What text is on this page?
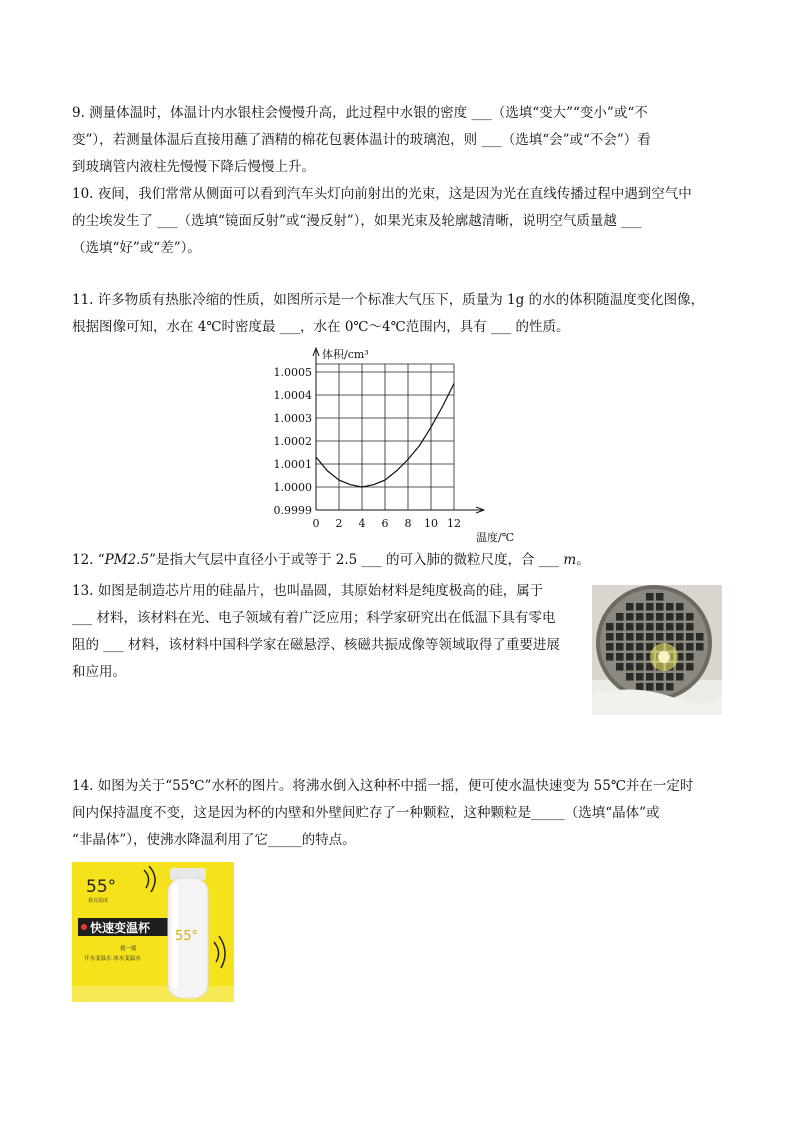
9. 测量体温时，体温计内水银柱会慢慢升高，此过程中水银的密度 ___（选填“变大”“变小”或“不
变”），若测量体温后直接用蘸了酒精的棉花包裹体温计的玻璃泡，则 ___（选填“会”或“不会”）看
到玻璃管内液柱先慢慢下降后慢慢上升。
10. 夜间，我们常常从侧面可以看到汽车头灯向前射出的光束，这是因为光在直线传播过程中遇到空气中
的尘埃发生了 ___（选填“镜面反射”或“漫反射”），如果光束及轮廓越清晰，说明空气质量越 ___
（选填“好”或“差”）。
11. 许多物质有热胀冷缩的性质，如图所示是一个标准大气压下，质量为 1g 的水的体积随温度变化图像，
根据图像可知，水在 4℃时密度最 ___，水在 0℃～4℃范围内，具有 ___ 的性质。
0 2 4 6 8 10 12
0.9999
1.0000
1.0001
1.0002
1.0003
1.0004
1.0005
体积/cm³
温度/℃
12. “PM2.5”是指大气层中直径小于或等于 2.5 ___ 的可入肺的微粒尺度，合 ___ m。
13. 如图是制造芯片用的硅晶片，也叫晶圆，其原始材料是纯度极高的硅，属于
___ 材料，该材料在光、电子领域有着广泛应用；科学家研究出在低温下具有零电
阻的 ___ 材料，该材料中国科学家在磁悬浮、核磁共振成像等领域取得了重要进展
和应用。
14. 如图为关于“55℃”水杯的图片。将沸水倒入这种杯中摇一摇，便可使水温快速变为 55℃并在一定时
间内保持温度不变，这是因为杯的内壁和外壁间贮存了一种颗粒，这种颗粒是_____（选填“晶体”或
“非晶体”），使沸水降温利用了它_____的特点。
55°
我有温度
快速变温杯
摇一摇
开水变温水 冰水变温水
55°
